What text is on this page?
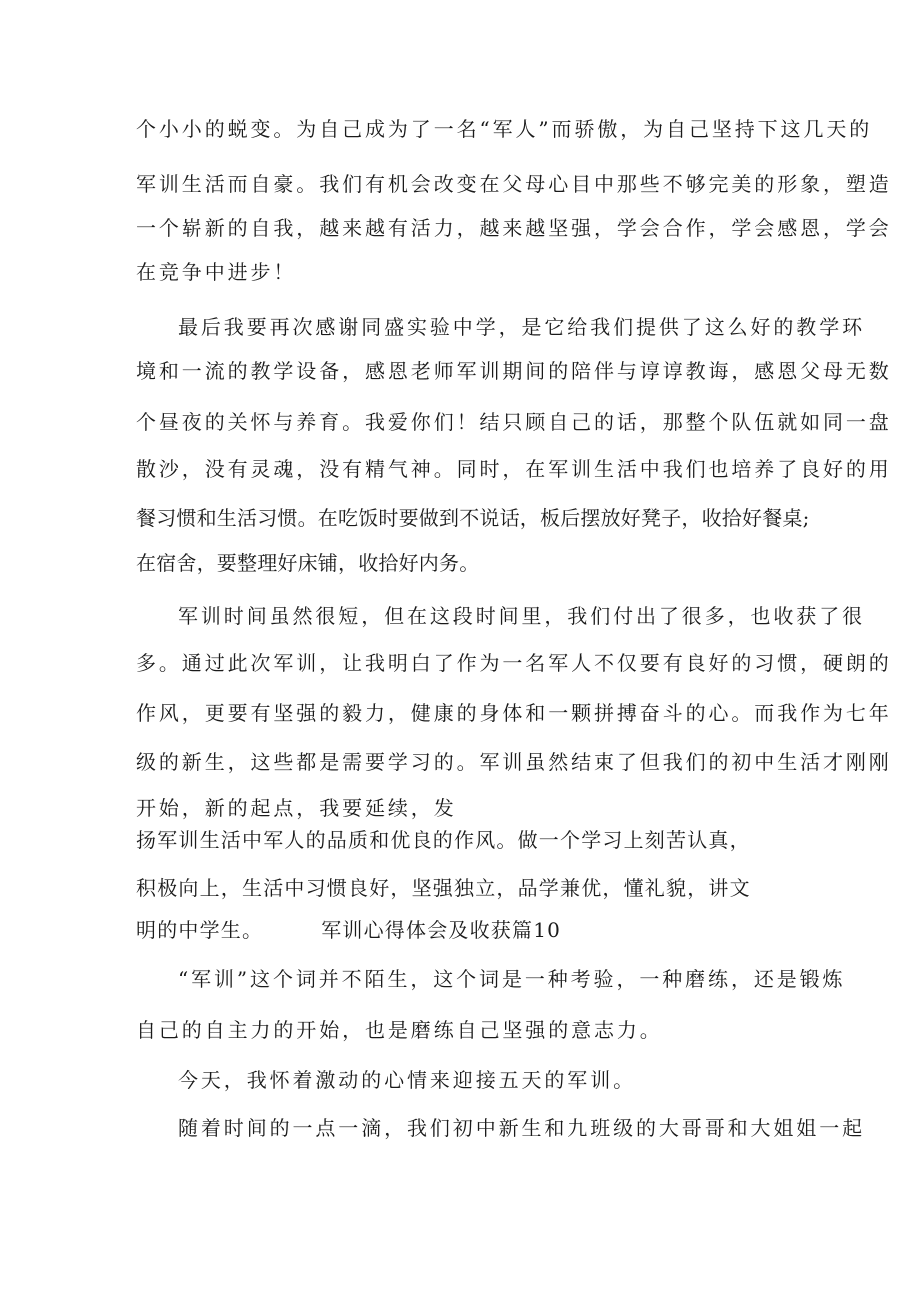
个小小的蜕变。为自己成为了一名“军人”而骄傲，为自己坚持下这几天的
军训生活而自豪。我们有机会改变在父母心目中那些不够完美的形象，塑造
一个崭新的自我，越来越有活力，越来越坚强，学会合作，学会感恩，学会
在竞争中进步！
最后我要再次感谢同盛实验中学，是它给我们提供了这么好的教学环
境和一流的教学设备，感恩老师军训期间的陪伴与谆谆教诲，感恩父母无数
个昼夜的关怀与养育。我爱你们！结只顾自己的话，那整个队伍就如同一盘
散沙，没有灵魂，没有精气神。同时，在军训生活中我们也培养了良好的用
餐习惯和生活习惯。在吃饭时要做到不说话，板后摆放好凳子，收拾好餐桌;
在宿舍，要整理好床铺，收拾好内务。
军训时间虽然很短，但在这段时间里，我们付出了很多，也收获了很
多。通过此次军训，让我明白了作为一名军人不仅要有良好的习惯，硬朗的
作风，更要有坚强的毅力，健康的身体和一颗拼搏奋斗的心。而我作为七年
级的新生，这些都是需要学习的。军训虽然结束了但我们的初中生活才刚刚
开始，新的起点，我要延续，发
扬军训生活中军人的品质和优良的作风。做一个学习上刻苦认真，
积极向上，生活中习惯良好，坚强独立，品学兼优，懂礼貌，讲文
明的中学生。	军训心得体会及收获篇10
“军训”这个词并不陌生，这个词是一种考验，一种磨练，还是锻炼
自己的自主力的开始，也是磨练自己坚强的意志力。
今天，我怀着激动的心情来迎接五天的军训。
随着时间的一点一滴，我们初中新生和九班级的大哥哥和大姐姐一起
